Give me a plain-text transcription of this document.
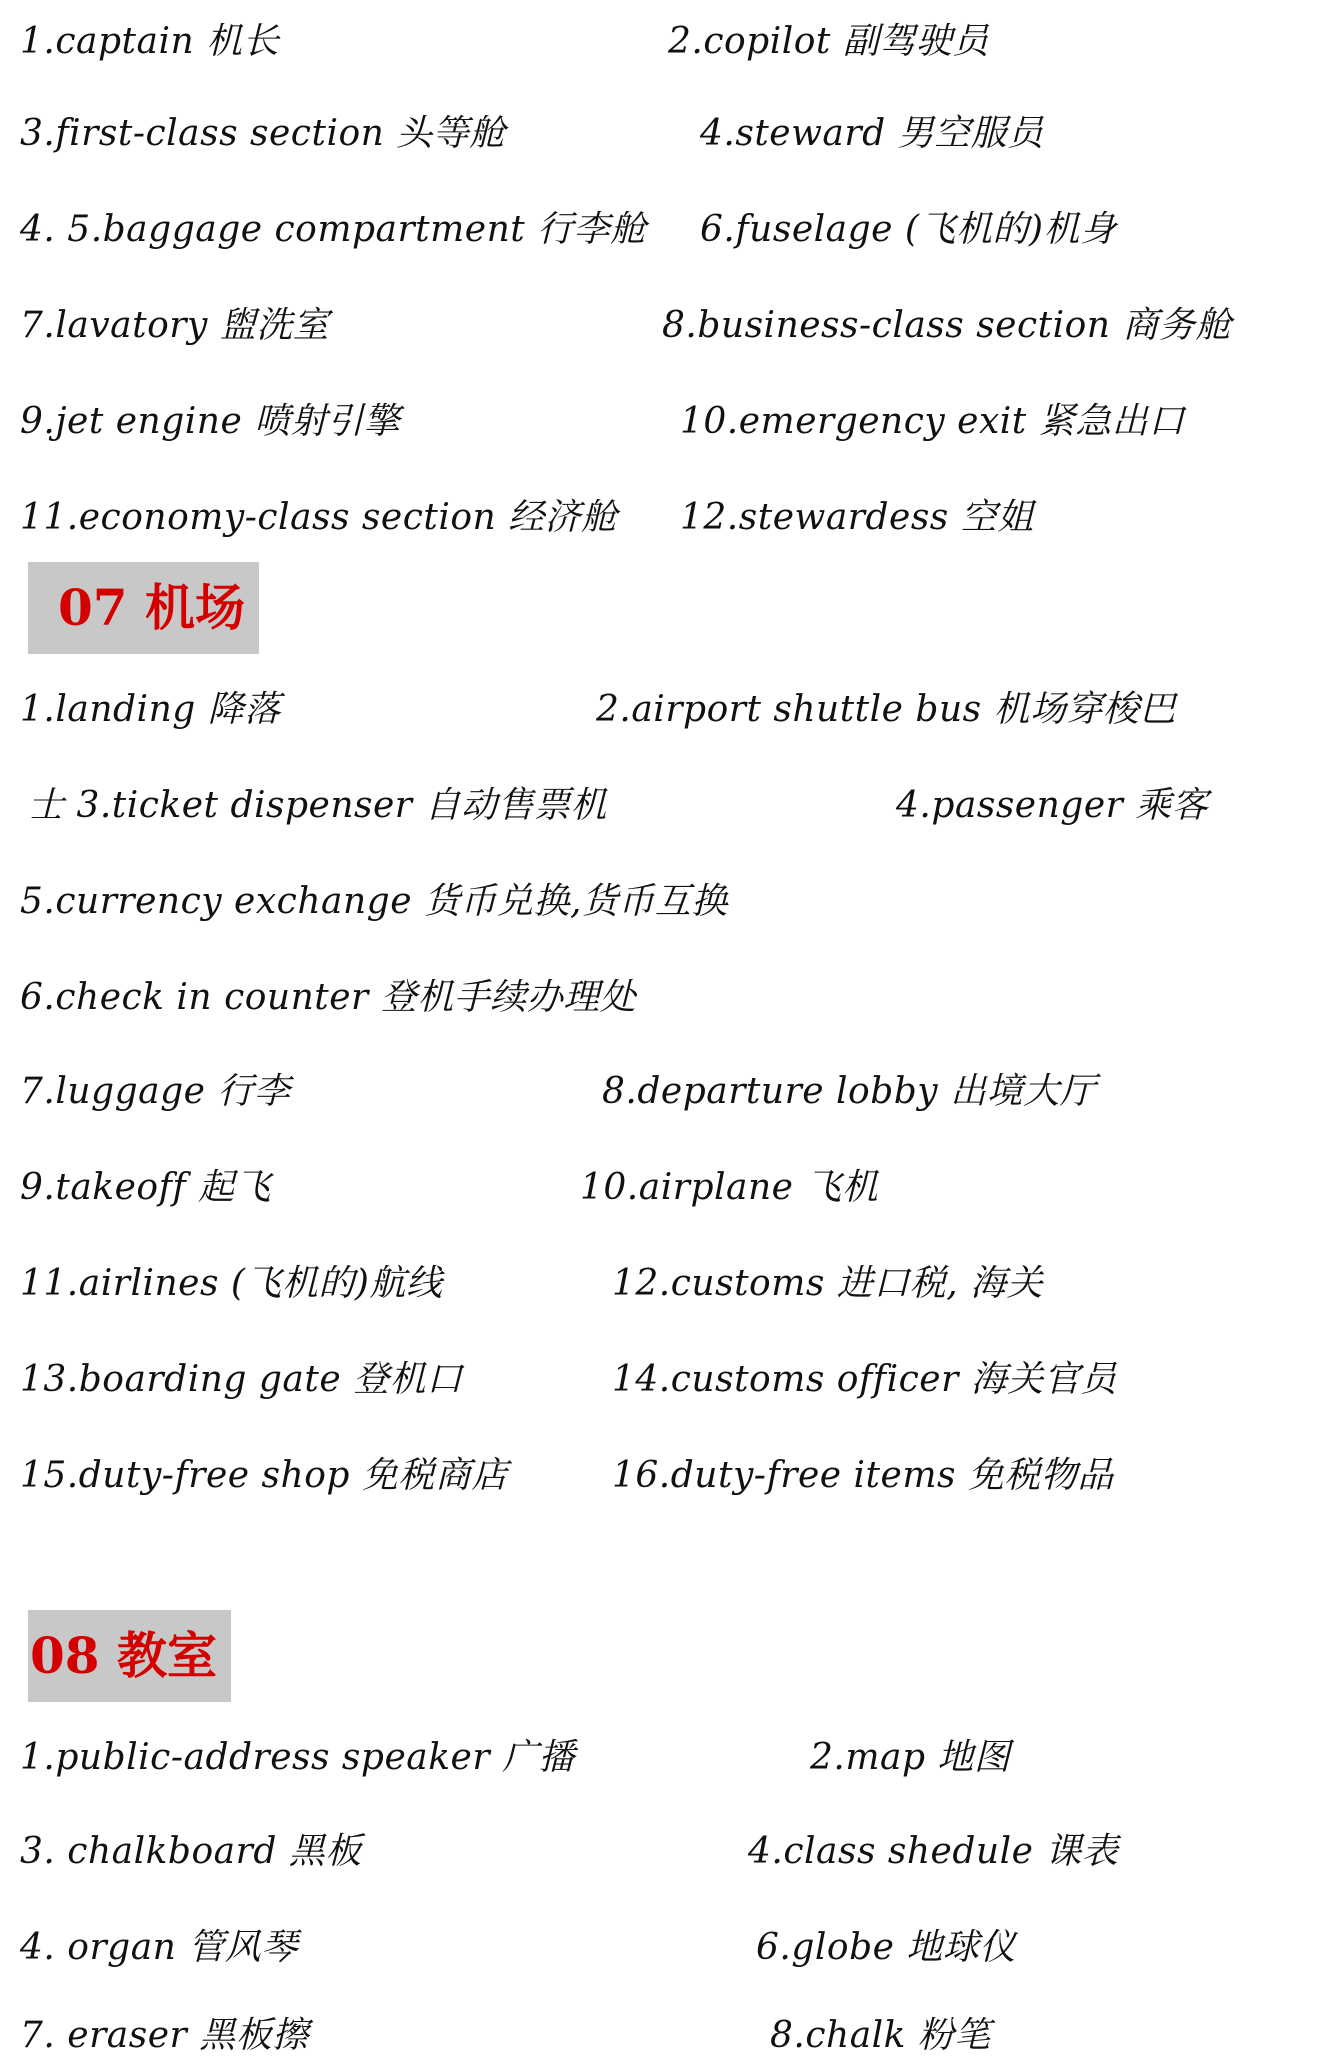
1.captain 机长	2.copilot 副驾驶员
3.first-class section 头等舱	4.steward 男空服员
4. 5.baggage compartment 行李舱 6.fuselage (飞机的)机身
7.lavatory 盥洗室	8.business-class section 商务舱
9.jet engine 喷射引擎	10.emergency exit 紧急出口
11.economy-class section 经济舱 12.stewardess 空姐
07 机场
1.landing 降落	2.airport shuttle bus 机场穿梭巴
士 3.ticket dispenser 自动售票机	4.passenger 乘客
5.currency exchange 货币兑换,货币互换
6.check in counter 登机手续办理处
7.luggage 行李	8.departure lobby 出境大厅
9.takeoff 起飞	10.airplane 飞机
11.airlines (飞机的)航线	12.customs 进口税, 海关
13.boarding gate 登机口	14.customs officer 海关官员
15.duty-free shop 免税商店	16.duty-free items 免税物品
08 教室
1.public-address speaker 广播	2.map 地图
3. chalkboard 黑板	4.class shedule 课表
4. organ 管风琴	6.globe 地球仪
7. eraser 黑板擦	8.chalk 粉笔
